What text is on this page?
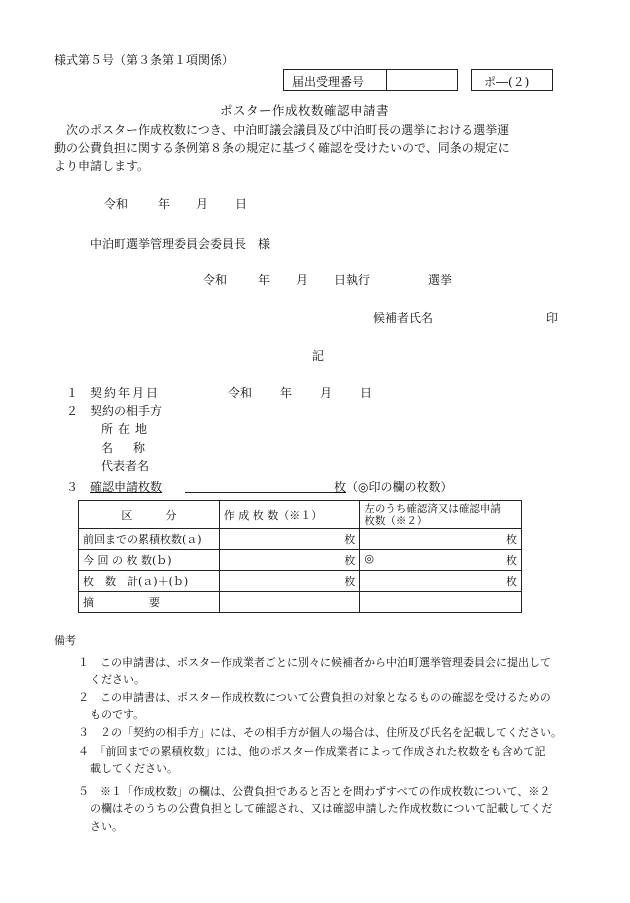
様式第５号（第３条第１項関係）
届出受理番号	ポ―(２)
ポスター作成枚数確認申請書
次のポスター作成枚数につき、中泊町議会議員及び中泊町長の選挙における選挙運
動の公費負担に関する条例第８条の規定に基づく確認を受けたいので、同条の規定に
より申請します。
令和 年 月 日
中泊町選挙管理委員会委員長　様
令和	年 月 日執行	選挙
候補者氏名	印
記
１ 契約年月日	令和 年 月 日
２ 契約の相手方
所在地
名称
代表者名
３ 確認申請枚数	枚 （◎印の欄の枚数）
区　　　分	作 成 枚 数（※１）	左のうち確認済又は確認申請
枚数（※２）

前回までの累積枚数(ａ)	枚	枚
今 回 の 枚 数(ｂ)	枚	◎ 枚

枚　数　計(ａ)＋(ｂ)	枚	枚
摘　　　　　要		
備考
１　この申請書は、ポスター作成業者ごとに別々に候補者から中泊町選挙管理委員会に提出して
ください。
２　この申請書は、ポスター作成枚数について公費負担の対象となるものの確認を受けるための
ものです。
３　２の「契約の相手方」には、その相手方が個人の場合は、住所及び氏名を記載してください。
４　「前回までの累積枚数」には、他のポスター作成業者によって作成された枚数をも含めて記
載してください。
５　※１「作成枚数」の欄は、公費負担であると否とを問わずすべての作成枚数について、※２
の欄はそのうちの公費負担として確認され、又は確認申請した作成枚数について記載してくだ
さい。
